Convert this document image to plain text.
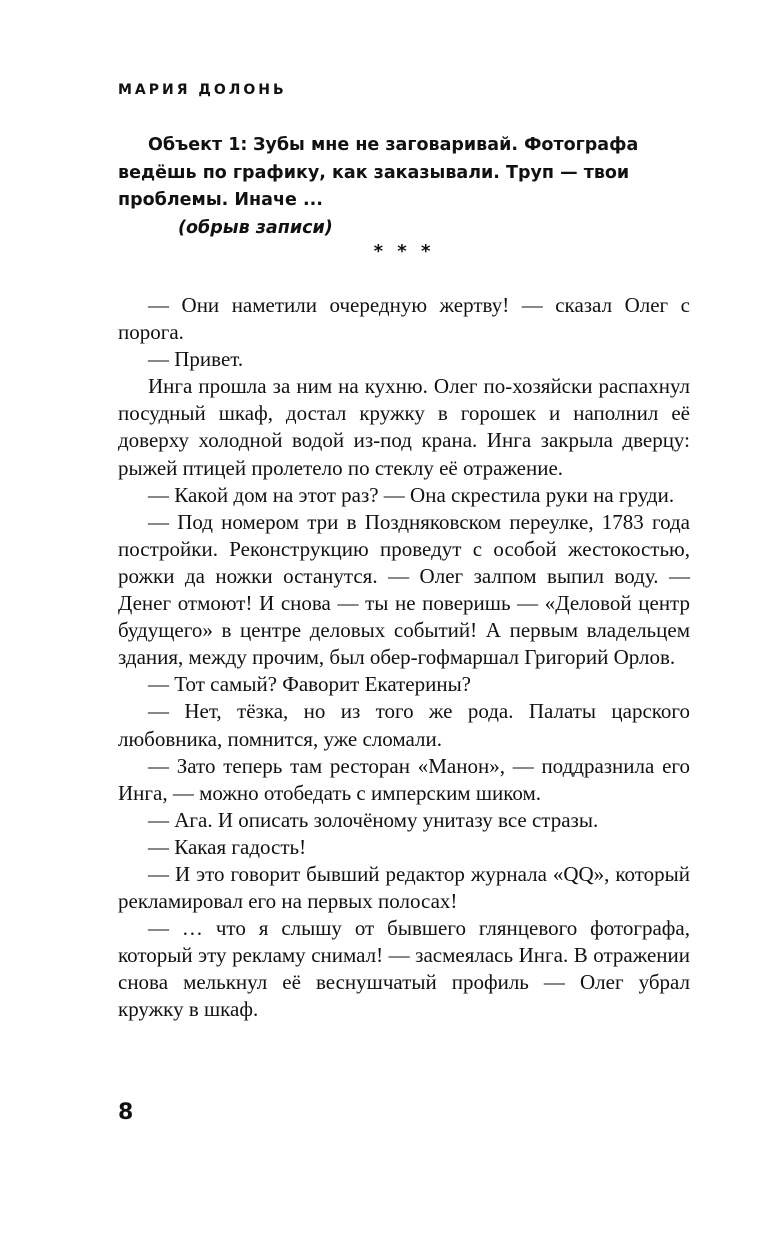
МАРИЯ ДОЛОНЬ

Объект 1: Зубы мне не заговаривай. Фотографа ведёшь по графику, как заказывали. Труп — твои проблемы. Иначе ...

(обрыв записи)

* * *

— Они наметили очередную жертву! — сказал Олег с порога.

— Привет.

Инга прошла за ним на кухню. Олег по-хозяйски распахнул посудный шкаф, достал кружку в горошек и наполнил её доверху холодной водой из-под крана. Инга закрыла дверцу: рыжей птицей пролетело по стеклу её отражение.

— Какой дом на этот раз? — Она скрестила руки на груди.

— Под номером три в Поздняковском переулке, 1783 года постройки. Реконструкцию проведут с особой жестокостью, рожки да ножки останутся. — Олег залпом выпил воду. — Денег отмоют! И снова — ты не поверишь — «Деловой центр будущего» в центре деловых событий! А первым владельцем здания, между прочим, был обер-гофмаршал Григорий Орлов.

— Тот самый? Фаворит Екатерины?

— Нет, тёзка, но из того же рода. Палаты царского любовника, помнится, уже сломали.

— Зато теперь там ресторан «Манон», — поддразнила его Инга, — можно отобедать с имперским шиком.

— Ага. И описать золочёному унитазу все стразы.

— Какая гадость!

— И это говорит бывший редактор журнала «QQ», который рекламировал его на первых полосах!

— … что я слышу от бывшего глянцевого фотографа, который эту рекламу снимал! — засмеялась Инга. В отражении снова мелькнул её веснушчатый профиль — Олег убрал кружку в шкаф.

8
